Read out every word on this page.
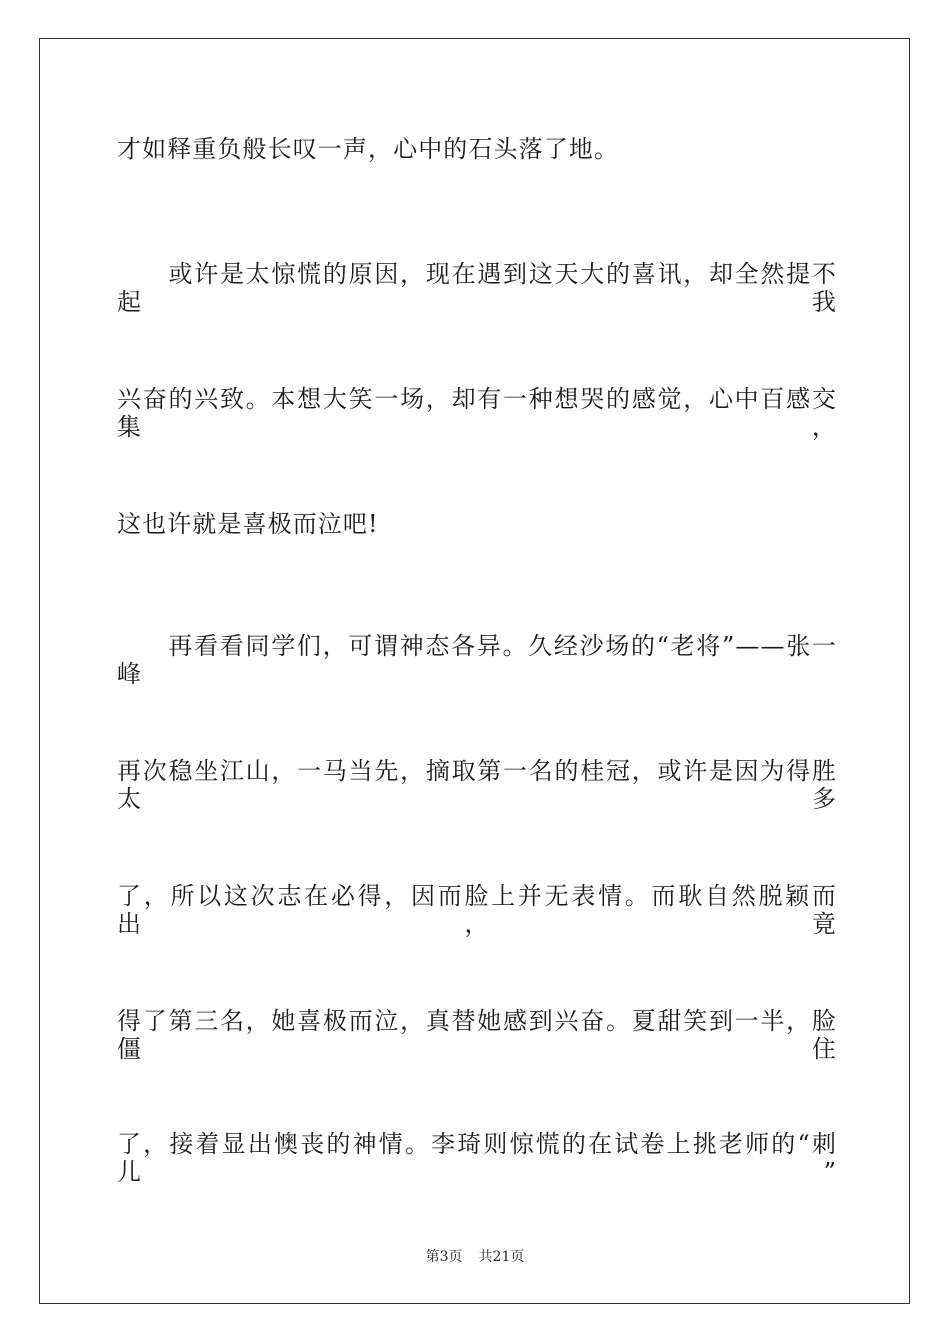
才如释重负般长叹一声，心中的石头落了地。
　　或许是太惊慌的原因，现在遇到这天大的喜讯，却全然提不起我
兴奋的兴致。本想大笑一场，却有一种想哭的感觉，心中百感交集，
这也许就是喜极而泣吧!
　　再看看同学们，可谓神态各异。久经沙场的“老将”——张一峰
再次稳坐江山，一马当先，摘取第一名的桂冠，或许是因为得胜太多
了，所以这次志在必得，因而脸上并无表情。而耿自然脱颖而出，竟
得了第三名，她喜极而泣，真替她感到兴奋。夏甜笑到一半，脸僵住
了，接着显出懊丧的神情。李琦则惊慌的在试卷上挑老师的“刺儿”
第3页 共21页
